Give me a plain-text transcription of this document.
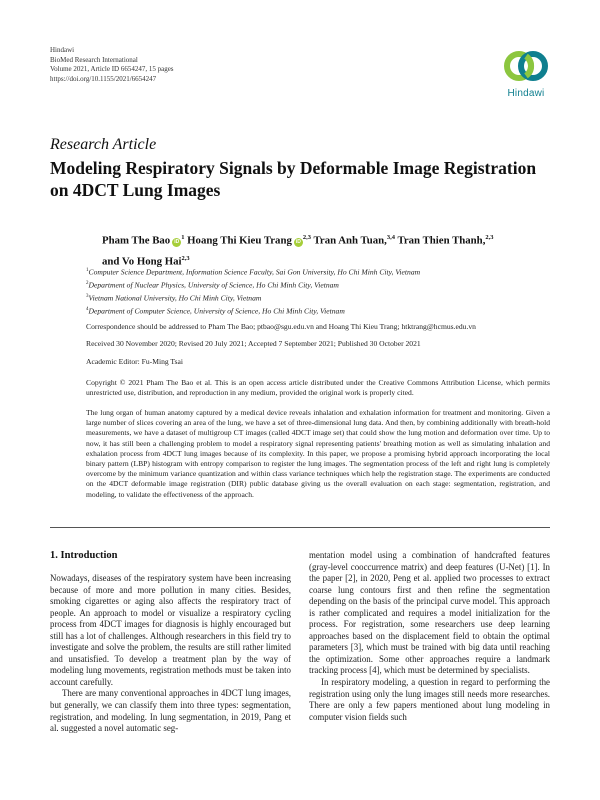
Hindawi
BioMed Research International
Volume 2021, Article ID 6654247, 15 pages
https://doi.org/10.1155/2021/6654247
Hindawi
Research Article
Modeling Respiratory Signals by Deformable Image Registration on 4DCT Lung Images
Pham The Bao $iD^1$ Hoang Thi Kieu Trang iD$^{2,3}$ Tran Anh Tuan,$^{3,4}$ Tran Thien Thanh,$^{2,3}$
and Vo Hong Hai$^{2,3}$
$^1$Computer Science Department, Information Science Faculty, Sai Gon University, Ho Chi Minh City, Vietnam
$^2$Department of Nuclear Physics, University of Science, Ho Chi Minh City, Vietnam
$^3$Vietnam National University, Ho Chi Minh City, Vietnam
$^4$Department of Computer Science, University of Science, Ho Chi Minh City, Vietnam
Correspondence should be addressed to Pham The Bao; ptbao@sgu.edu.vn and Hoang Thi Kieu Trang; htktrang@hcmus.edu.vn
Received 30 November 2020; Revised 20 July 2021; Accepted 7 September 2021; Published 30 October 2021
Academic Editor: Fu-Ming Tsai
Copyright © 2021 Pham The Bao et al. This is an open access article distributed under the Creative Commons Attribution License, which permits unrestricted use, distribution, and reproduction in any medium, provided the original work is properly cited.
The lung organ of human anatomy captured by a medical device reveals inhalation and exhalation information for treatment and monitoring. Given a large number of slices covering an area of the lung, we have a set of three-dimensional lung data. And then, by combining additionally with breath-hold measurements, we have a dataset of multigroup CT images (called 4DCT image set) that could show the lung motion and deformation over time. Up to now, it has still been a challenging problem to model a respiratory signal representing patients' breathing motion as well as simulating inhalation and exhalation process from 4DCT lung images because of its complexity. In this paper, we propose a promising hybrid approach incorporating the local binary pattern (LBP) histogram with entropy comparison to register the lung images. The segmentation process of the left and right lung is completely overcome by the minimum variance quantization and within class variance techniques which help the registration stage. The experiments are conducted on the 4DCT deformable image registration (DIR) public database giving us the overall evaluation on each stage: segmentation, registration, and modeling, to validate the effectiveness of the approach.
1. Introduction

Nowadays, diseases of the respiratory system have been increasing because of more and more pollution in many cities. Besides, smoking cigarettes or aging also affects the respiratory tract of people. An approach to model or visualize a respiratory cycling process from 4DCT images for diagnosis is highly encouraged but still has a lot of challenges. Although researchers in this field try to investigate and solve the problem, the results are still rather limited and unsatisfied. To develop a treatment plan by the way of modeling lung movements, registration methods must be taken into account carefully.

There are many conventional approaches in 4DCT lung images, but generally, we can classify them into three types: segmentation, registration, and modeling. In lung segmentation, in 2019, Pang et al. suggested a novel automatic seg-

mentation model using a combination of handcrafted features (gray-level cooccurrence matrix) and deep features (U-Net) [1]. In the paper [2], in 2020, Peng et al. applied two processes to extract coarse lung contours first and then refine the segmentation depending on the basis of the principal curve model. This approach is rather complicated and requires a model initialization for the process. For registration, some researchers use deep learning approaches based on the displacement field to obtain the optimal parameters [3], which must be trained with big data until reaching the optimization. Some other approaches require a landmark tracking process [4], which must be determined by specialists.

In respiratory modeling, a question in regard to performing the registration using only the lung images still needs more researches. There are only a few papers mentioned about lung modeling in computer vision fields such
